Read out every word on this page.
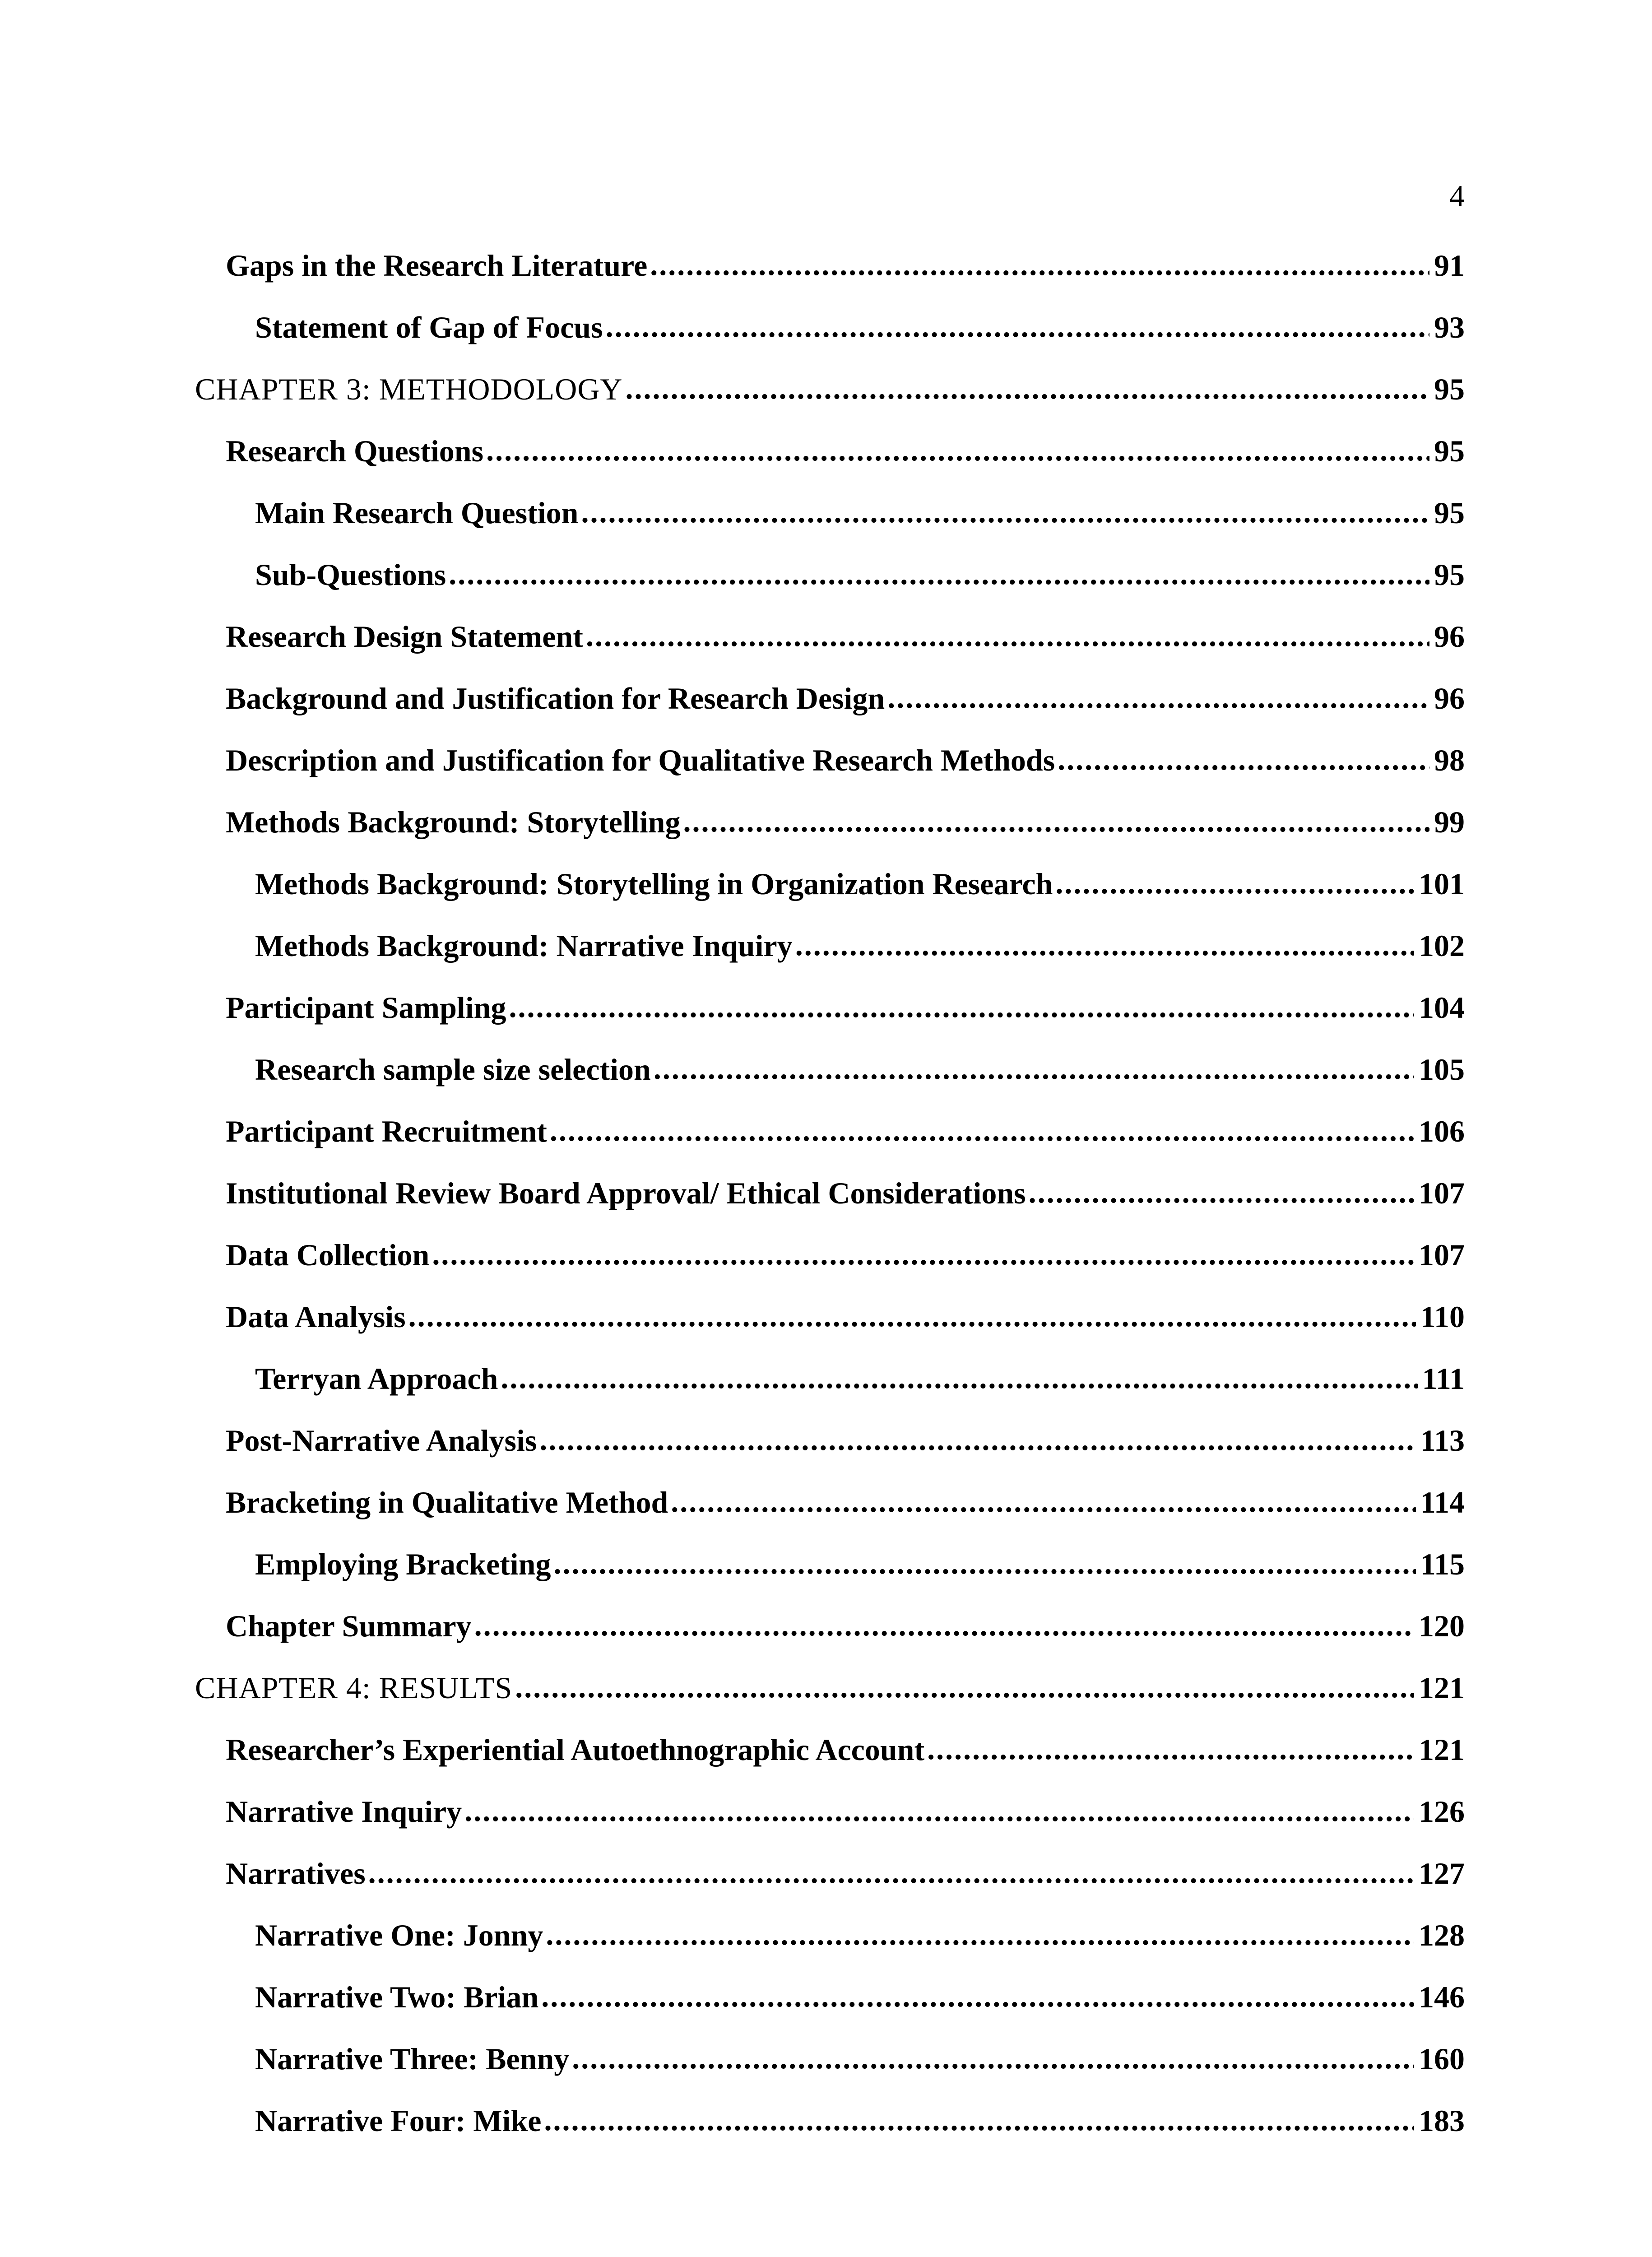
4
Gaps in the Research Literature .....	91
Statement of Gap of Focus .....	93
CHAPTER 3: METHODOLOGY .....	95
Research Questions .....	95
Main Research Question .....	95
Sub-Questions .....	95
Research Design Statement .....	96
Background and Justification for Research Design .....	96
Description and Justification for Qualitative Research Methods .....	98
Methods Background: Storytelling .....	99
Methods Background: Storytelling in Organization Research .....	101
Methods Background: Narrative Inquiry .....	102
Participant Sampling .....	104
Research sample size selection .....	105
Participant Recruitment .....	106
Institutional Review Board Approval/ Ethical Considerations .....	107
Data Collection .....	107
Data Analysis .....	110
Terryan Approach .....	111
Post-Narrative Analysis .....	113
Bracketing in Qualitative Method .....	114
Employing Bracketing .....	115
Chapter Summary .....	120
CHAPTER 4: RESULTS .....	121
Researcher’s Experiential Autoethnographic Account .....	121
Narrative Inquiry .....	126
Narratives .....	127
Narrative One: Jonny .....	128
Narrative Two: Brian .....	146
Narrative Three: Benny .....	160
Narrative Four: Mike .....	183
